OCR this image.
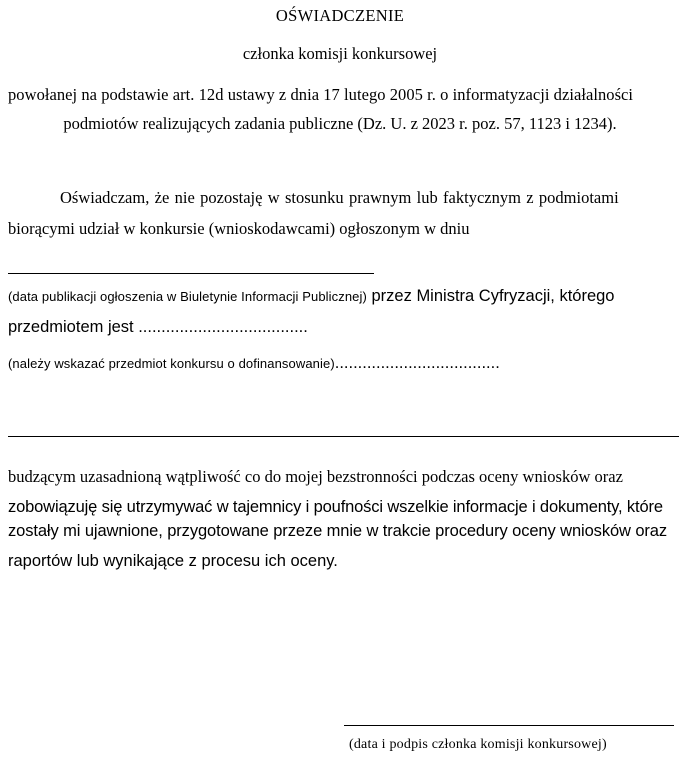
OŚWIADCZENIE

członka komisji konkursowej

powołanej na podstawie art. 12d ustawy z dnia 17 lutego 2005 r. o informatyzacji działalności

podmiotów realizujących zadania publiczne (Dz. U. z 2023 r. poz. 57, 1123 i 1234).

Oświadczam, że nie pozostaję w stosunku prawnym lub faktycznym z podmiotami

biorącymi udział w konkursie (wnioskodawcami) ogłoszonym w dniu

(data publikacji ogłoszenia w Biuletynie Informacji Publicznej) przez Ministra Cyfryzacji, którego

przedmiotem jest .....................................

(należy wskazać przedmiot konkursu o dofinansowanie)....................................

budzącym uzasadnioną wątpliwość co do mojej bezstronności podczas oceny wniosków oraz

zobowiązuję się utrzymywać w tajemnicy i poufności wszelkie informacje i dokumenty, które

zostały mi ujawnione, przygotowane przeze mnie w trakcie procedury oceny wniosków oraz

raportów lub wynikające z procesu ich oceny.

(data i podpis członka komisji konkursowej)
